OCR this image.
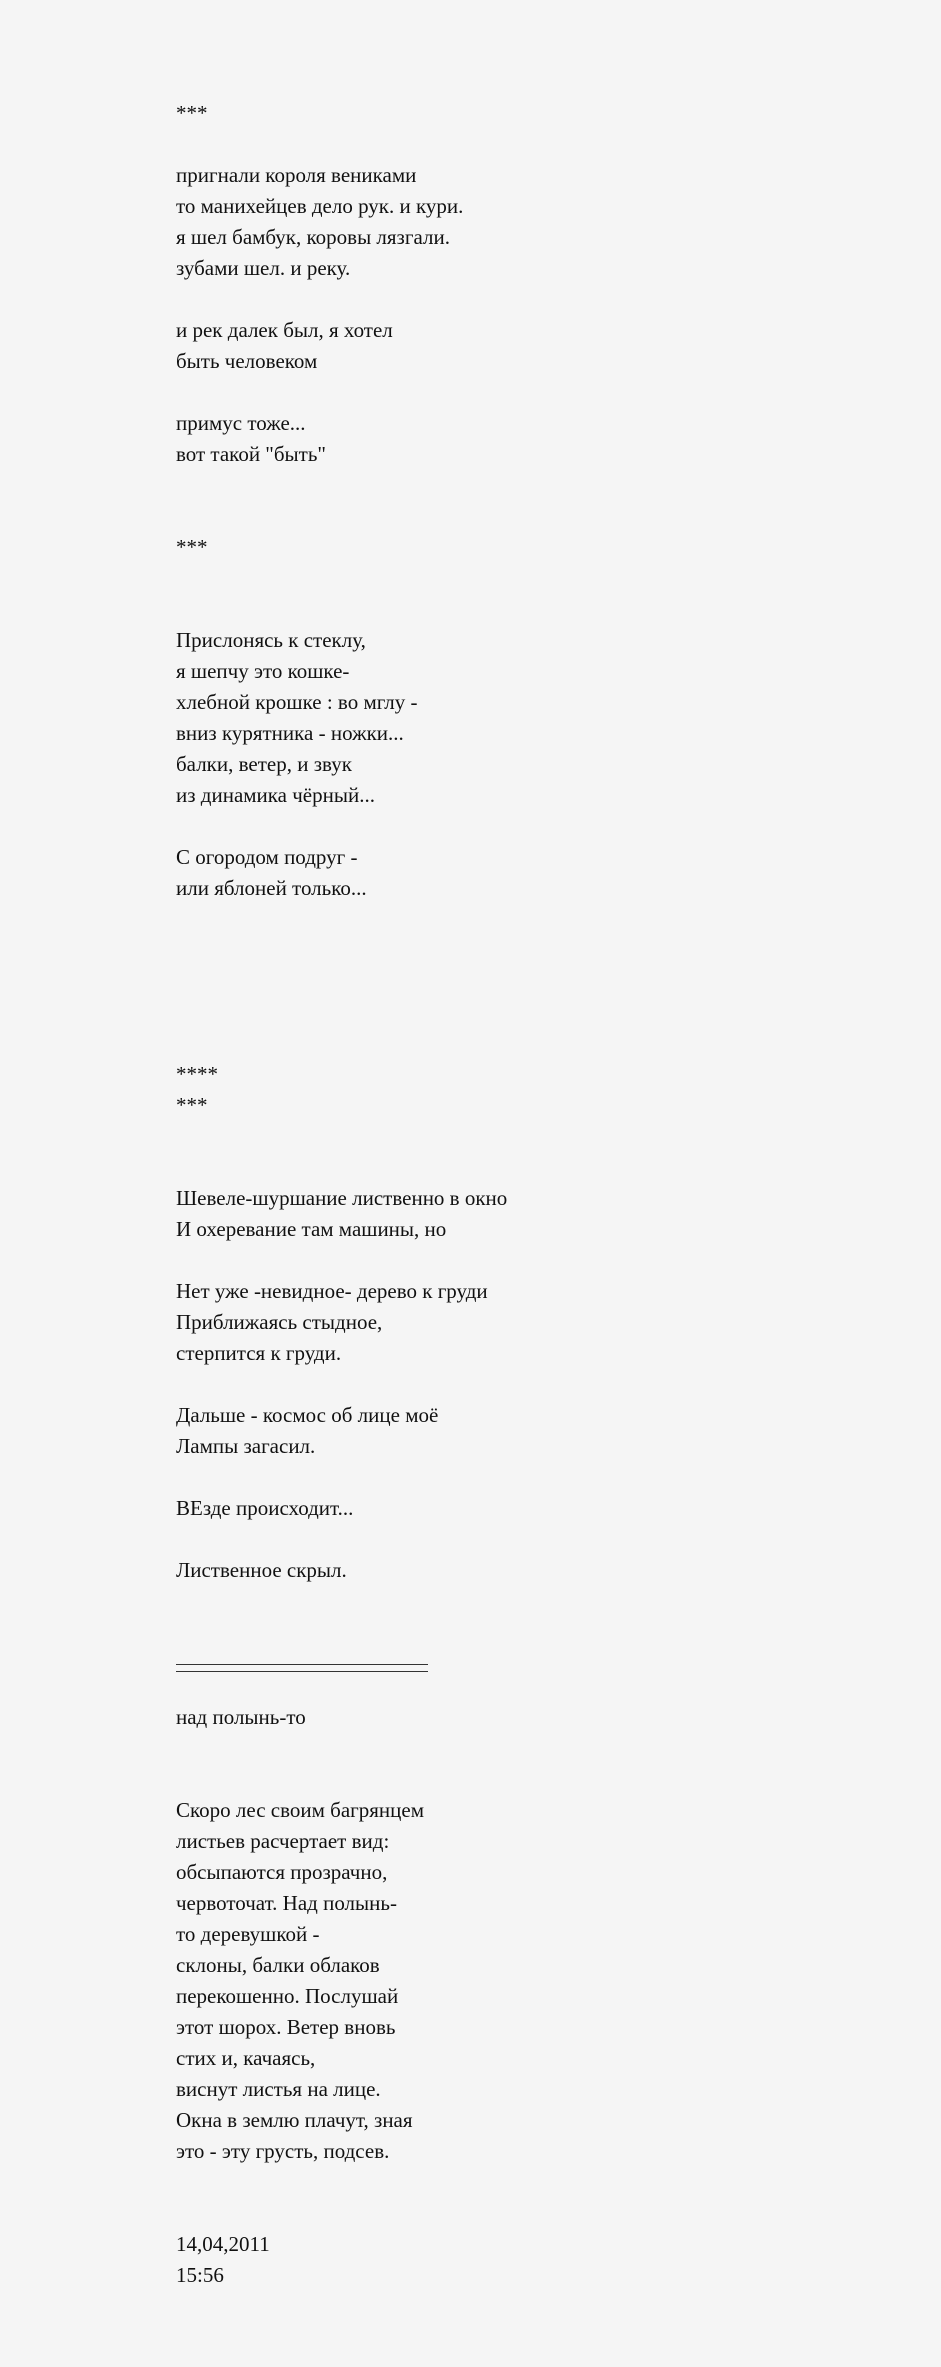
***
пригнали короля вениками
то манихейцев дело рук. и кури.
я шел бамбук, коровы лязгали.
зубами шел. и реку.
и рек далек был, я хотел
быть человеком
примус тоже...
вот такой "быть"
***
Прислонясь к стеклу,
я шепчу это кошке-
хлебной крошке : во мглу -
вниз курятника - ножки...
балки, ветер, и звук
из динамика чёрный...
С огородом подруг -
или яблоней только...
****
***
Шевеле-шуршание лиственно в окно
И охеревание там машины, но
Нет уже -невидное- дерево к груди
Приближаясь стыдное,
стерпится к груди.
Дальше - космос об лице моё
Лампы загасил.
ВЕзде происходит...
Лиственное скрыл.
над полынь-то
Скоро лес своим багрянцем
листьев расчертает вид:
обсыпаются прозрачно,
червоточат. Над полынь-
то деревушкой -
склоны, балки облаков
перекошенно. Послушай
этот шорох. Ветер вновь
стих и, качаясь,
виснут листья на лице.
Окна в землю плачут, зная
это - эту грусть, подсев.
14,04,2011
15:56
